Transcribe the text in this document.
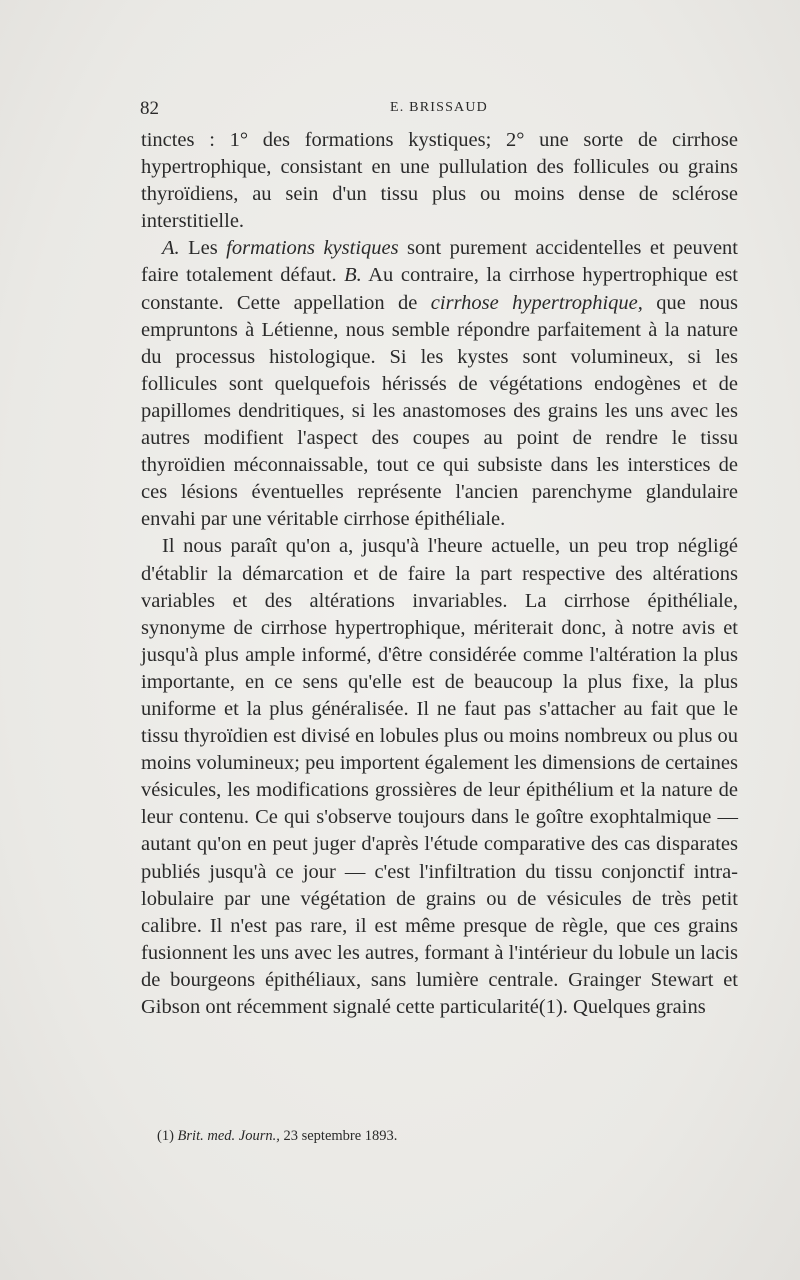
82	E. BRISSAUD

tinctes : 1° des formations kystiques; 2° une sorte de cirrhose hypertrophique, consistant en une pullulation des follicules ou grains thyroïdiens, au sein d'un tissu plus ou moins dense de sclérose interstitielle.

A. Les formations kystiques sont purement accidentelles et peuvent faire totalement défaut. B. Au contraire, la cirrhose hypertrophique est constante. Cette appellation de cirrhose hypertrophique, que nous empruntons à Létienne, nous semble répondre parfaitement à la nature du processus histologique. Si les kystes sont volumineux, si les follicules sont quelquefois hérissés de végétations endogènes et de papillomes dendritiques, si les anastomoses des grains les uns avec les autres modifient l'aspect des coupes au point de rendre le tissu thyroïdien méconnaissable, tout ce qui subsiste dans les interstices de ces lésions éventuelles représente l'ancien parenchyme glandulaire envahi par une véritable cirrhose épithéliale.

Il nous paraît qu'on a, jusqu'à l'heure actuelle, un peu trop négligé d'établir la démarcation et de faire la part respective des altérations variables et des altérations invariables. La cirrhose épithéliale, synonyme de cirrhose hypertrophique, mériterait donc, à notre avis et jusqu'à plus ample informé, d'être considérée comme l'altération la plus importante, en ce sens qu'elle est de beaucoup la plus fixe, la plus uniforme et la plus généralisée. Il ne faut pas s'attacher au fait que le tissu thyroïdien est divisé en lobules plus ou moins nombreux ou plus ou moins volumineux; peu importent également les dimensions de certaines vésicules, les modifications grossières de leur épithélium et la nature de leur contenu. Ce qui s'observe toujours dans le goître exophtalmique — autant qu'on en peut juger d'après l'étude comparative des cas disparates publiés jusqu'à ce jour — c'est l'infiltration du tissu conjonctif intra-lobulaire par une végétation de grains ou de vésicules de très petit calibre. Il n'est pas rare, il est même presque de règle, que ces grains fusionnent les uns avec les autres, formant à l'intérieur du lobule un lacis de bourgeons épithéliaux, sans lumière centrale. Grainger Stewart et Gibson ont récemment signalé cette particularité(1). Quelques grains

(1) Brit. med. Journ., 23 septembre 1893.
